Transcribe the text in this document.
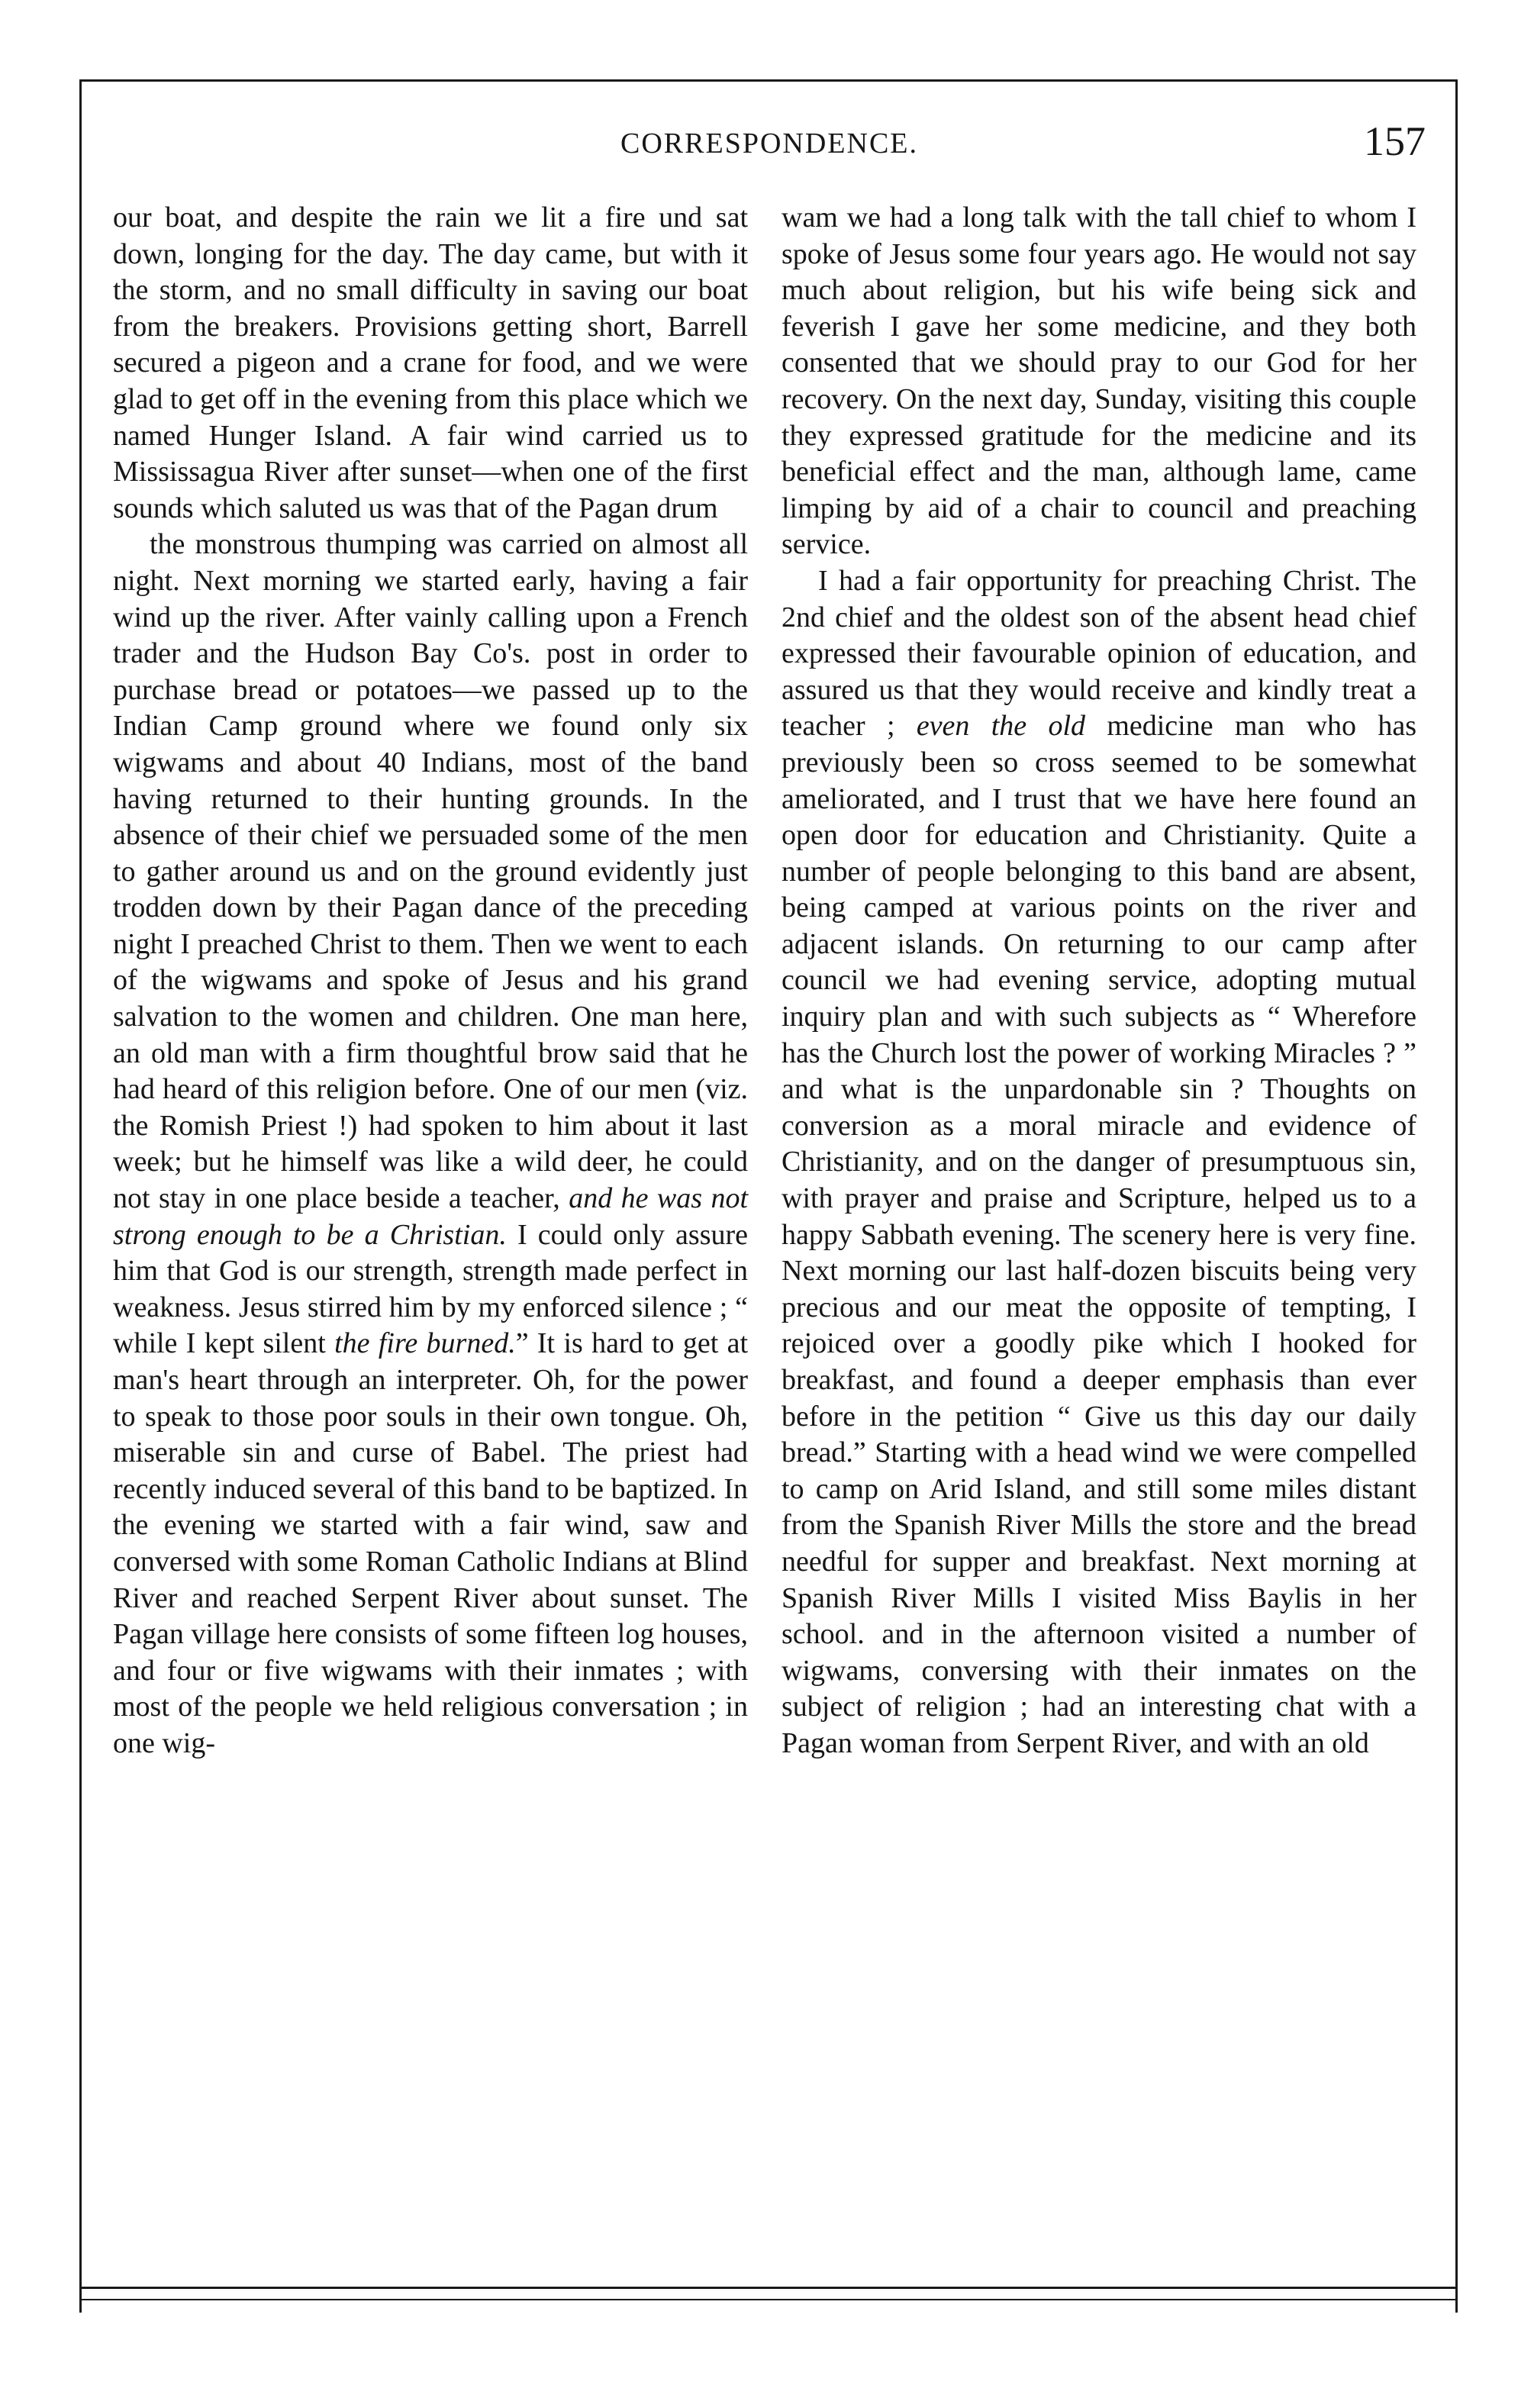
CORRESPONDENCE.	157

our boat, and despite the rain we lit a fire und sat down, longing for the day. The day came, but with it the storm, and no small difficulty in saving our boat from the breakers. Provisions getting short, Barrell secured a pigeon and a crane for food, and we were glad to get off in the evening from this place which we named Hunger Island. A fair wind carried us to Mississagua River after sunset—when one of the first sounds which saluted us was that of the Pagan drum

the monstrous thumping was carried on almost all night. Next morning we started early, having a fair wind up the river. After vainly calling upon a French trader and the Hudson Bay Co's. post in order to purchase bread or potatoes—we passed up to the Indian Camp ground where we found only six wigwams and about 40 Indians, most of the band having returned to their hunting grounds. In the absence of their chief we persuaded some of the men to gather around us and on the ground evidently just trodden down by their Pagan dance of the preceding night I preached Christ to them. Then we went to each of the wigwams and spoke of Jesus and his grand salvation to the women and children. One man here, an old man with a firm thoughtful brow said that he had heard of this religion before. One of our men (viz. the Romish Priest !) had spoken to him about it last week; but he himself was like a wild deer, he could not stay in one place beside a teacher, and he was not strong enough to be a Christian. I could only assure him that God is our strength, strength made perfect in weakness. Jesus stirred him by my enforced silence ; “ while I kept silent the fire burned.” It is hard to get at man's heart through an interpreter. Oh, for the power to speak to those poor souls in their own tongue. Oh, miserable sin and curse of Babel. The priest had recently induced several of this band to be baptized. In the evening we started with a fair wind, saw and conversed with some Roman Catholic Indians at Blind River and reached Serpent River about sunset. The Pagan village here consists of some fifteen log houses, and four or five wigwams with their inmates ; with most of the people we held religious conversation ; in one wig-

wam we had a long talk with the tall chief to whom I spoke of Jesus some four years ago. He would not say much about religion, but his wife being sick and feverish I gave her some medicine, and they both consented that we should pray to our God for her recovery. On the next day, Sunday, visiting this couple they expressed gratitude for the medicine and its beneficial effect and the man, although lame, came limping by aid of a chair to council and preaching service.

I had a fair opportunity for preaching Christ. The 2nd chief and the oldest son of the absent head chief expressed their favourable opinion of education, and assured us that they would receive and kindly treat a teacher ; even the old medicine man who has previously been so cross seemed to be somewhat ameliorated, and I trust that we have here found an open door for education and Christianity. Quite a number of people belonging to this band are absent, being camped at various points on the river and adjacent islands. On returning to our camp after council we had evening service, adopting mutual inquiry plan and with such subjects as “ Wherefore has the Church lost the power of working Miracles ? ” and what is the unpardonable sin ? Thoughts on conversion as a moral miracle and evidence of Christianity, and on the danger of presumptuous sin, with prayer and praise and Scripture, helped us to a happy Sabbath evening. The scenery here is very fine. Next morning our last half-dozen biscuits being very precious and our meat the opposite of tempting, I rejoiced over a goodly pike which I hooked for breakfast, and found a deeper emphasis than ever before in the petition “ Give us this day our daily bread.” Starting with a head wind we were compelled to camp on Arid Island, and still some miles distant from the Spanish River Mills the store and the bread needful for supper and breakfast. Next morning at Spanish River Mills I visited Miss Baylis in her school. and in the afternoon visited a number of wigwams, conversing with their inmates on the subject of religion ; had an interesting chat with a Pagan woman from Serpent River, and with an old
